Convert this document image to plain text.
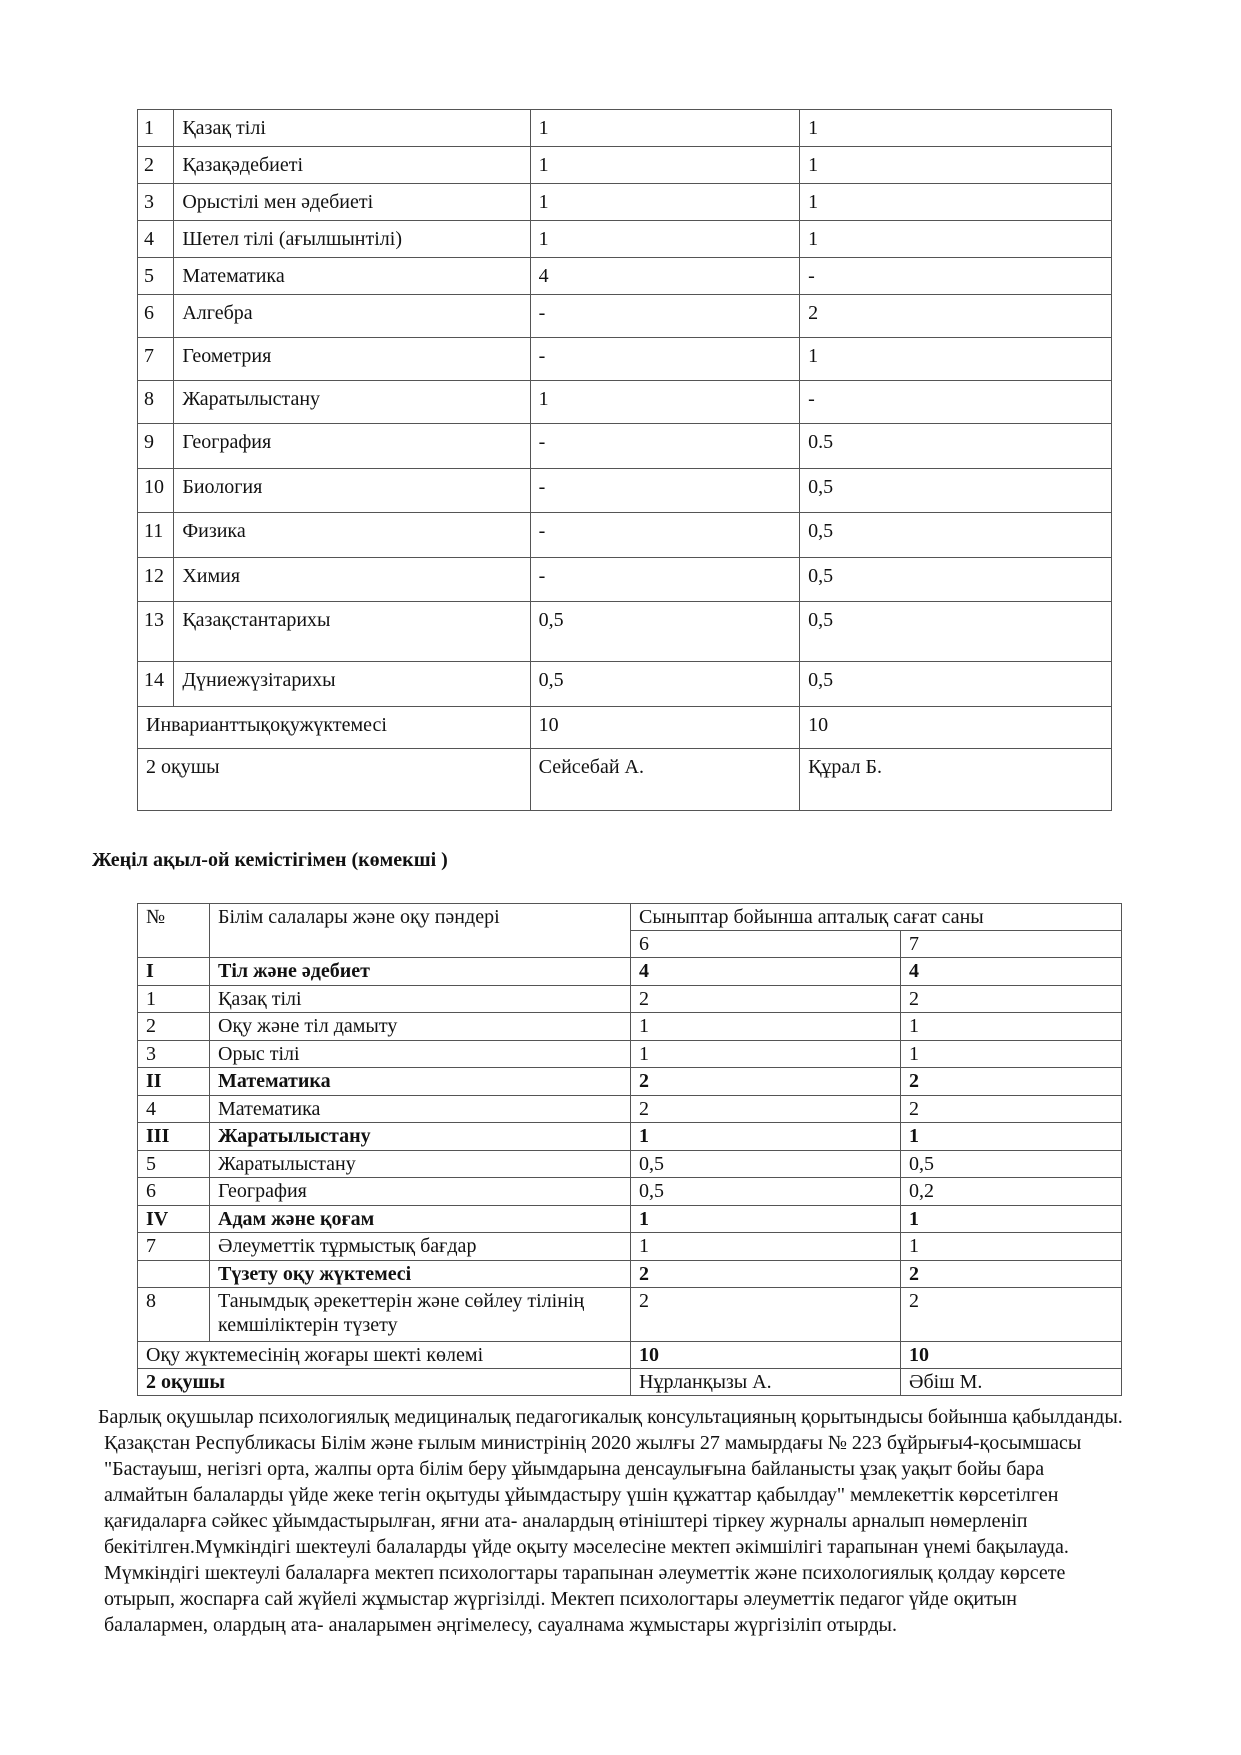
1	Қазақ тілі	1	1
2	Қазақәдебиеті	1	1
3	Орыстілі мен әдебиеті	1	1
4	Шетел тілі (ағылшынтілі)	1	1
5	Математика	4	-
6	Алгебра	-	2
7	Геометрия	-	1
8	Жаратылыстану	1	-
9	География	-	0.5
10	Биология	-	0,5
11	Физика	-	0,5
12	Химия	-	0,5
13	Қазақстантарихы	0,5	0,5
14	Дүниежүзітарихы	0,5	0,5
Инварианттықоқужүктемесі		10	10
2 оқушы		Сейсебай А.	Құрал Б.
Жеңіл ақыл-ой кемістігімен (көмекші )
№	Білім салалары және оқу пәндері	Сыныптар бойынша апталық сағат саны	
		6	7
I	Тіл және әдебиет	4	4
1	Қазақ тілі	2	2
2	Оқу және тіл дамыту	1	1
3	Орыс тілі	1	1
II	Математика	2	2
4	Математика	2	2
III	Жаратылыстану	1	1
5	Жаратылыстану	0,5	0,5
6	География	0,5	0,2
IV	Адам және қоғам	1	1
7	Әлеуметтік тұрмыстық бағдар	1	1
	Түзету оқу жүктемесі	2	2
8	Танымдық әрекеттерін және сөйлеу тілінің кемшіліктерін түзету	2	2
Оқу жүктемесінің жоғары шекті көлемі		10	10
2 оқушы		Нұрланқызы А.	Әбіш М.

Барлық оқушылар психологиялық медициналық педагогикалық консультацияның қорытындысы бойынша қабылданды.

Қазақстан Республикасы Білім және ғылым министрінің 2020 жылғы 27 мамырдағы № 223 бұйрығы4-қосымшасы "Бастауыш, негізгі орта, жалпы орта білім беру ұйымдарына денсаулығына байланысты ұзақ уақыт бойы бара алмайтын балаларды үйде жеке тегін оқытуды ұйымдастыру үшін құжаттар қабылдау" мемлекеттік көрсетілген қағидаларға сәйкес ұйымдастырылған, яғни ата- аналардың өтініштері тіркеу журналы арналып нөмерленіп бекітілген.Мүмкіндігі шектеулі балаларды үйде оқыту мәселесіне мектеп әкімшілігі тарапынан үнемі бақылауда. Мүмкіндігі шектеулі балаларға мектеп психологтары тарапынан әлеуметтік және психологиялық қолдау көрсете отырып, жоспарға сай жүйелі жұмыстар жүргізілді. Мектеп психологтары әлеуметтік педагог үйде оқитын балалармен, олардың ата- аналарымен әңгімелесу, сауалнама жұмыстары жүргізіліп отырды.
